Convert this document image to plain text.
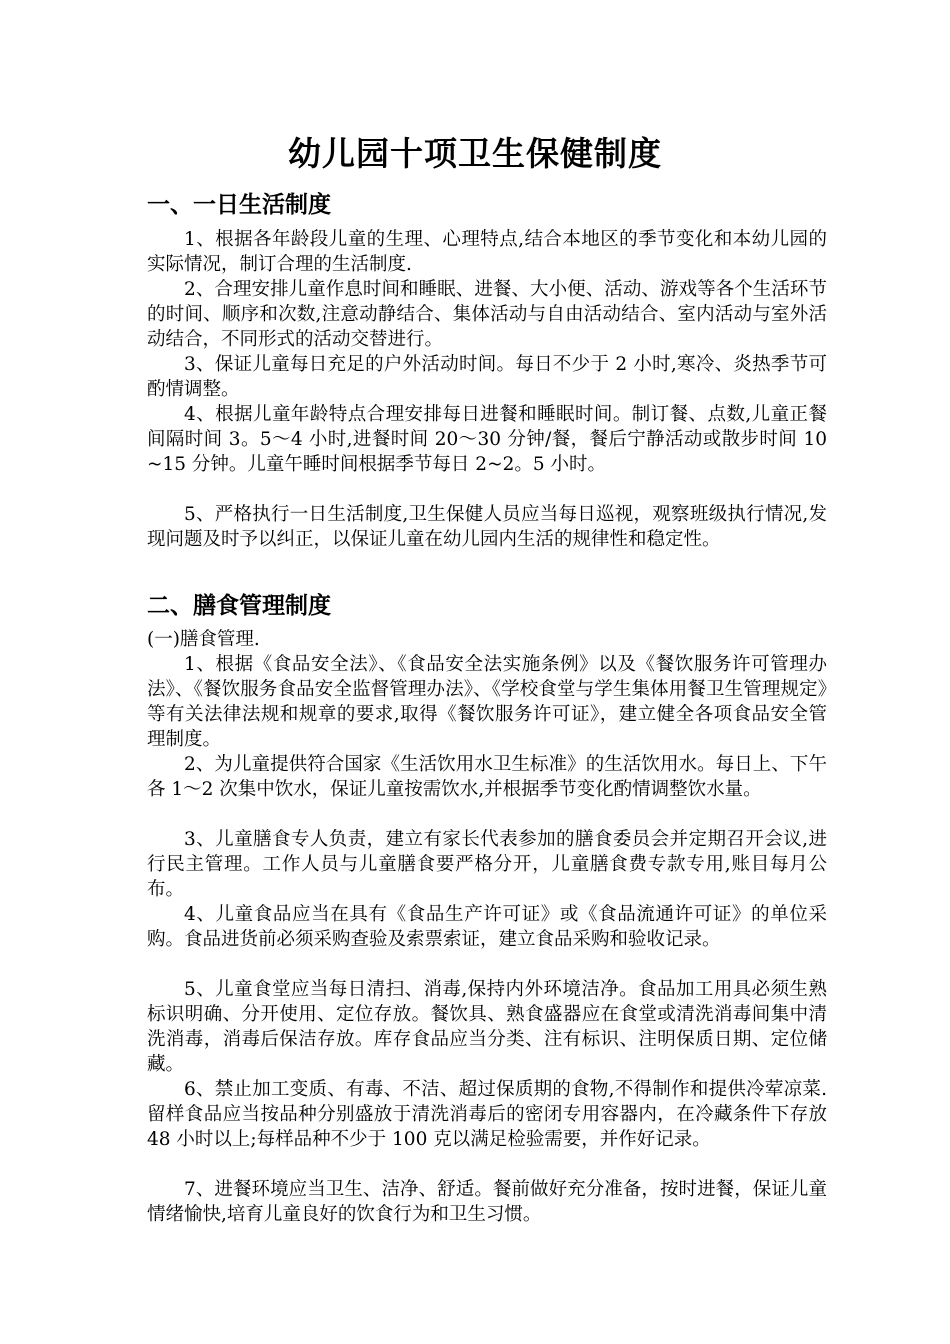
幼儿园十项卫生保健制度
一、一日生活制度
1、根据各年龄段儿童的生理、心理特点,结合本地区的季节变化和本幼儿园的实际情况，制订合理的生活制度.
2、合理安排儿童作息时间和睡眠、进餐、大小便、活动、游戏等各个生活环节的时间、顺序和次数,注意动静结合、集体活动与自由活动结合、室内活动与室外活动结合，不同形式的活动交替进行。
3、保证儿童每日充足的户外活动时间。每日不少于 2 小时,寒冷、炎热季节可酌情调整。
4、根据儿童年龄特点合理安排每日进餐和睡眠时间。制订餐、点数,儿童正餐间隔时间 3。5～4 小时,进餐时间 20～30 分钟/餐，餐后宁静活动或散步时间 10~15 分钟。儿童午睡时间根据季节每日 2~2。5 小时。
5、严格执行一日生活制度,卫生保健人员应当每日巡视，观察班级执行情况,发现问题及时予以纠正，以保证儿童在幼儿园内生活的规律性和稳定性。
二、膳食管理制度
(一)膳食管理.
1、根据《食品安全法》、《食品安全法实施条例》以及《餐饮服务许可管理办法》、《餐饮服务食品安全监督管理办法》、《学校食堂与学生集体用餐卫生管理规定》等有关法律法规和规章的要求,取得《餐饮服务许可证》，建立健全各项食品安全管理制度。
2、为儿童提供符合国家《生活饮用水卫生标准》的生活饮用水。每日上、下午各 1～2 次集中饮水，保证儿童按需饮水,并根据季节变化酌情调整饮水量。
3、儿童膳食专人负责，建立有家长代表参加的膳食委员会并定期召开会议,进行民主管理。工作人员与儿童膳食要严格分开，儿童膳食费专款专用,账目每月公布。
4、儿童食品应当在具有《食品生产许可证》或《食品流通许可证》的单位采购。食品进货前必须采购查验及索票索证，建立食品采购和验收记录。
5、儿童食堂应当每日清扫、消毒,保持内外环境洁净。食品加工用具必须生熟标识明确、分开使用、定位存放。餐饮具、熟食盛器应在食堂或清洗消毒间集中清洗消毒，消毒后保洁存放。库存食品应当分类、注有标识、注明保质日期、定位储藏。
6、禁止加工变质、有毒、不洁、超过保质期的食物,不得制作和提供冷荤凉菜.留样食品应当按品种分别盛放于清洗消毒后的密闭专用容器内，在冷藏条件下存放 48 小时以上;每样品种不少于 100 克以满足检验需要，并作好记录。
7、进餐环境应当卫生、洁净、舒适。餐前做好充分准备，按时进餐，保证儿童情绪愉快,培育儿童良好的饮食行为和卫生习惯。
